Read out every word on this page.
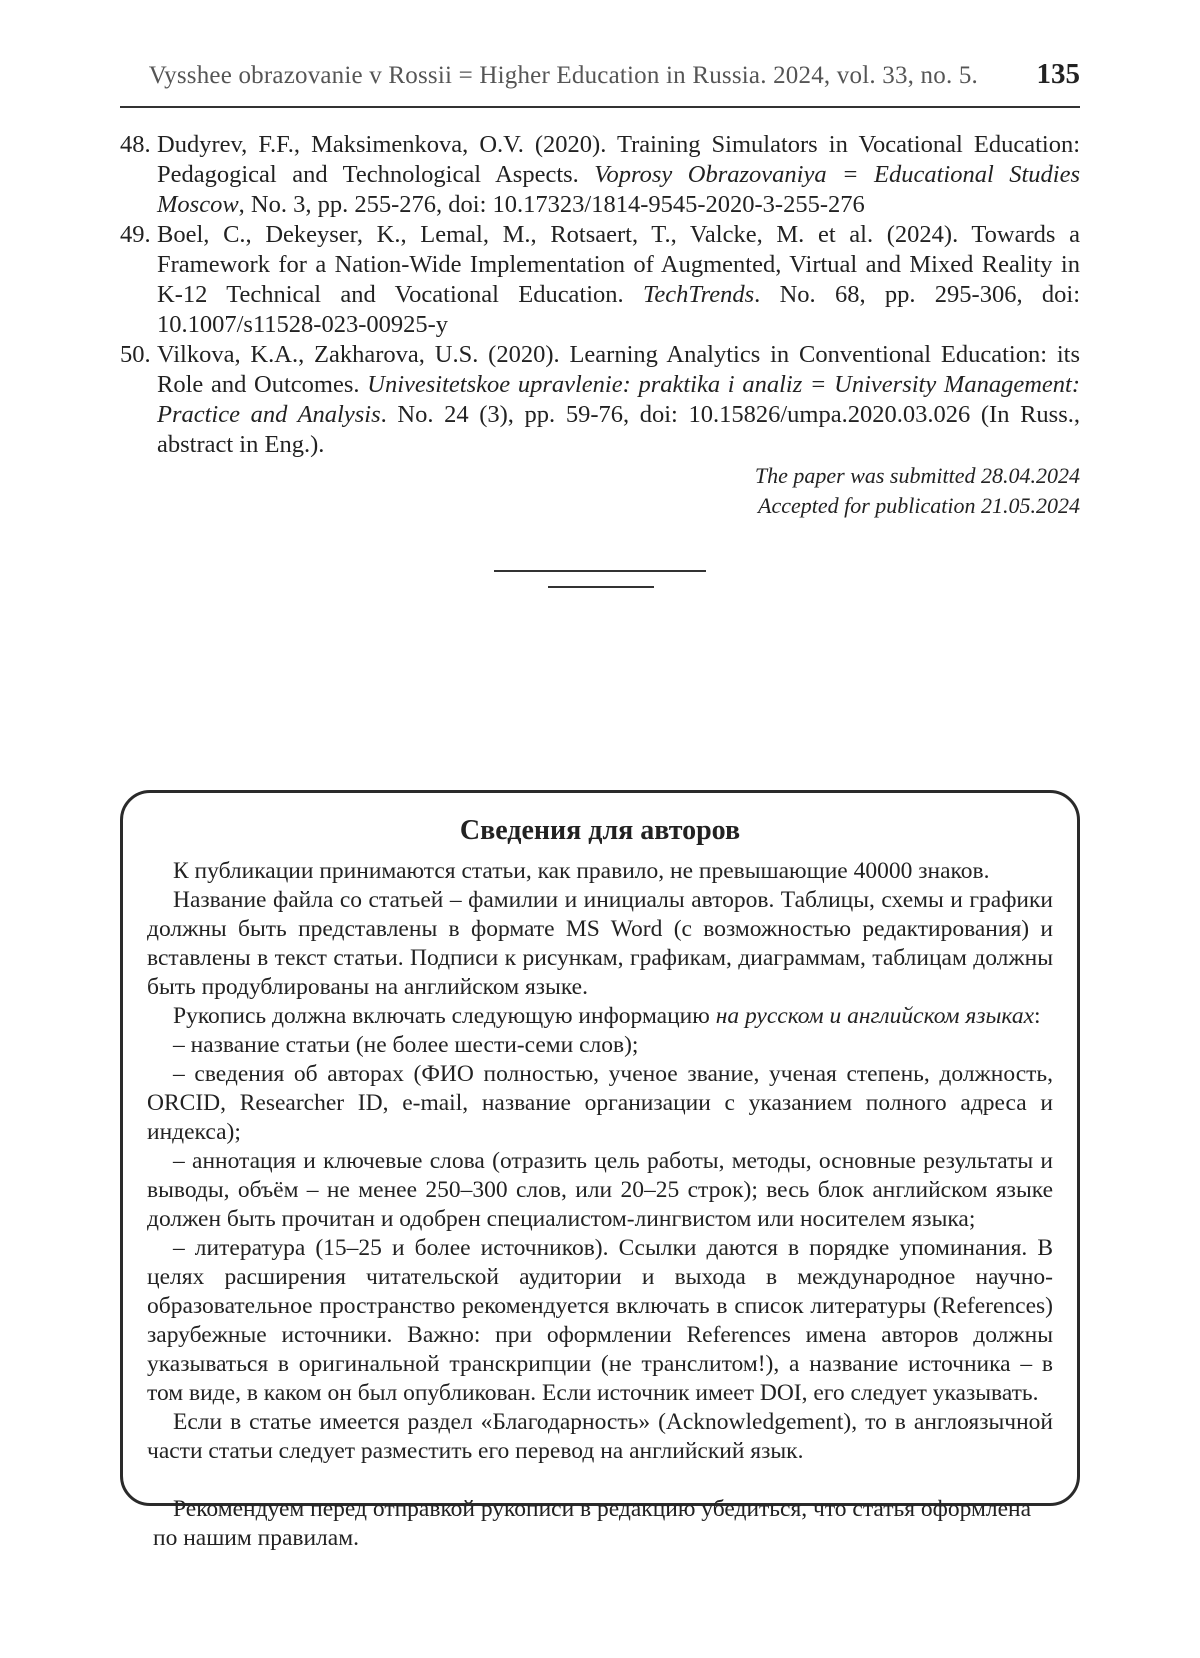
Vysshee obrazovanie v Rossii = Higher Education in Russia. 2024, vol. 33, no. 5. 135

48. Dudyrev, F.F., Maksimenkova, O.V. (2020). Training Simulators in Vocational Education: Pedagogical and Technological Aspects. Voprosy Obrazovaniya = Educational Studies Moscow, No. 3, pp. 255-276, doi: 10.17323/1814-9545-2020-3-255-276

49. Boel, C., Dekeyser, K., Lemal, M., Rotsaert, T., Valcke, M. et al. (2024). Towards a Framework for a Nation-Wide Implementation of Augmented, Virtual and Mixed Reality in K-12 Technical and Vocational Education. TechTrends. No. 68, pp. 295-306, doi: 10.1007/s11528-023-00925-y

50. Vilkova, K.A., Zakharova, U.S. (2020). Learning Analytics in Conventional Education: its Role and Outcomes. Univesitetskoe upravlenie: praktika i analiz = University Management: Practice and Analysis. No. 24 (3), pp. 59-76, doi: 10.15826/umpa.2020.03.026 (In Russ., abstract in Eng.).

The paper was submitted 28.04.2024
Accepted for publication 21.05.2024
Сведения для авторов

К публикации принимаются статьи, как правило, не превышающие 40000 знаков.

Название файла со статьей – фамилии и инициалы авторов. Таблицы, схемы и графики должны быть представлены в формате MS Word (с возможностью редактирования) и вставлены в текст статьи. Подписи к рисункам, графикам, диаграммам, таблицам должны быть продублированы на английском языке.

Рукопись должна включать следующую информацию на русском и английском языках:

– название статьи (не более шести-семи слов);

– сведения об авторах (ФИО полностью, ученое звание, ученая степень, должность, ORCID, Researcher ID, e-mail, название организации с указанием полного адреса и индекса);

– аннотация и ключевые слова (отразить цель работы, методы, основные результаты и выводы, объём – не менее 250–300 слов, или 20–25 строк); весь блок английском языке должен быть прочитан и одобрен специалистом-лингвистом или носителем языка;

– литература (15–25 и более источников). Ссылки даются в порядке упоминания. В целях расширения читательской аудитории и выхода в международное научно-образовательное пространство рекомендуется включать в список литературы (References) зарубежные источники. Важно: при оформлении References имена авторов должны указываться в оригинальной транскрипции (не транслитом!), а название источника – в том виде, в каком он был опубликован. Если источник имеет DOI, его следует указывать.

Если в статье имеется раздел «Благодарность» (Acknowledgement), то в англоязычной части статьи следует разместить его перевод на английский язык.

Рекомендуем перед отправкой рукописи в редакцию убедиться, что статья оформлена

по нашим правилам.
